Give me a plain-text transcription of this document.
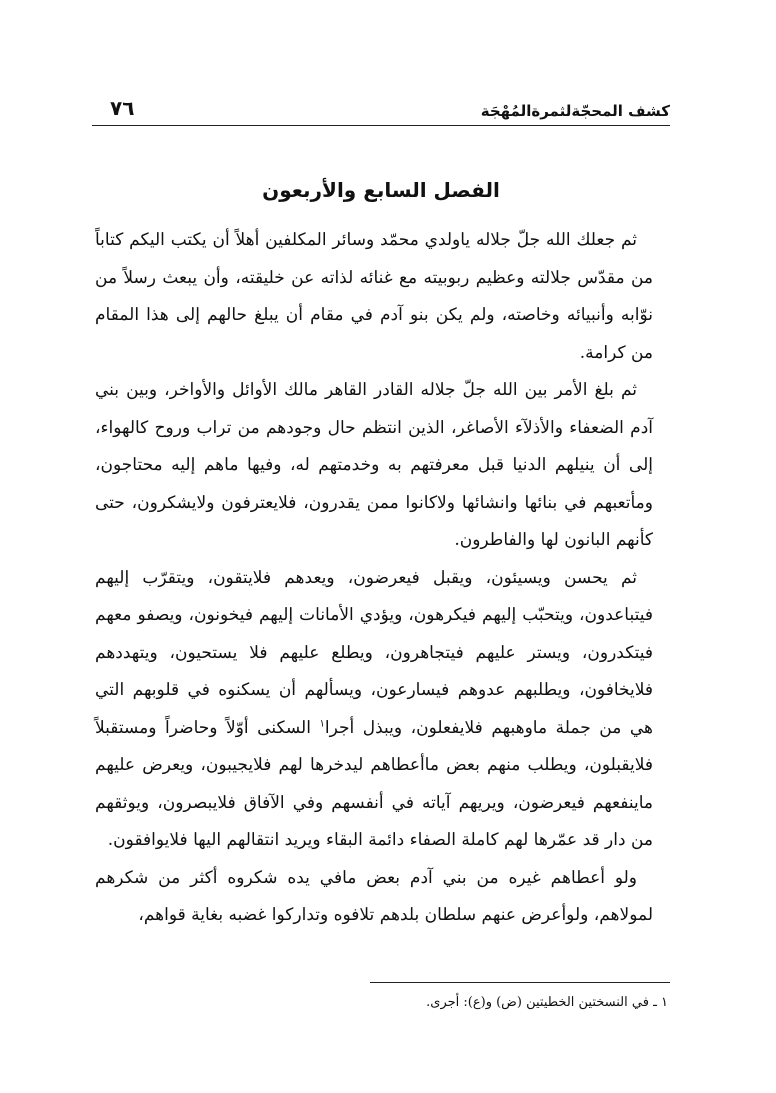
٧٦	كشف المحجّةلثمرةالمُهْجَة
الفصل السابع والأربعون

ثم جعلك الله جلّ جلاله ياولدي محمّد وسائر المكلفين أهلاً أن يكتب اليكم كتاباً من مقدّس جلالته وعظيم ربوبيته مع غنائه لذاته عن خليقته، وأن يبعث رسلاً من نوّابه وأنبيائه وخاصته، ولم يكن بنو آدم في مقام أن يبلغ حالهم إلى هذا المقام من كرامة.

ثم بلغ الأمر بين الله جلّ جلاله القادر القاهر مالك الأوائل والأواخر، وبين بني آدم الضعفاء والأذلآء الأصاغر، الذين انتظم حال وجودهم من تراب وروح كالهواء، إلى أن ينيلهم الدنيا قبل معرفتهم به وخدمتهم له، وفيها ماهم إليه محتاجون، ومأتعبهم في بنائها وانشائها ولاكانوا ممن يقدرون، فلايعترفون ولايشكرون، حتى كأنهم البانون لها والفاطرون.

ثم يحسن ويسيئون، ويقبل فيعرضون، ويعدهم فلايتقون، ويتقرّب إليهم فيتباعدون، ويتحبّب إليهم فيكرهون، ويؤدي الأمانات إليهم فيخونون، ويصفو معهم فيتكدرون، ويستر عليهم فيتجاهرون، ويطلع عليهم فلا يستحيون، ويتهددهم فلايخافون، ويطلبهم عدوهم فيسارعون، ويسألهم أن يسكنوه في قلوبهم التي هي من جملة ماوهبهم فلايفعلون، ويبذل أجرا$^١$ السكنى أوّلاً وحاضراً ومستقبلاً فلايقبلون، ويطلب منهم بعض ماأعطاهم ليدخرها لهم فلايجيبون، ويعرض عليهم ماينفعهم فيعرضون، ويريهم آياته في أنفسهم وفي الآفاق فلايبصرون، ويوثقهم من دار قد عمّرها لهم كاملة الصفاء دائمة البقاء ويريد انتقالهم اليها فلايوافقون.

ولو أعطاهم غيره من بني آدم بعض مافي يده شكروه أكثر من شكرهم لمولاهم، ولوأعرض عنهم سلطان بلدهم تلافوه وتداركوا غضبه بغاية قواهم،

١ ـ في النسختين الخطيتين (ض) و(ع): أجرى.
